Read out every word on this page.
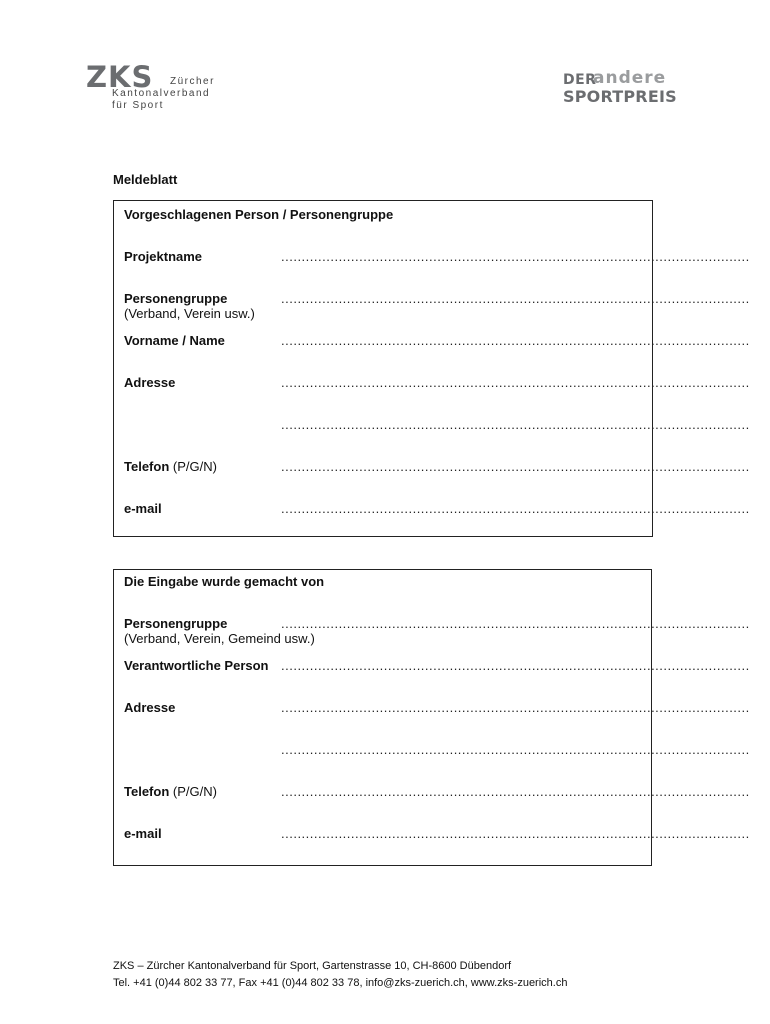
ZKS Zürcher
Kantonalverband
für Sport
DER
andere
SPORTPREIS
Meldeblatt
Vorgeschlagenen Person / Personengruppe
Projektname	..................................................................................................................
Personengruppe
(Verband, Verein usw.)
..................................................................................................................
Vorname / Name	..................................................................................................................
Adresse	..................................................................................................................
..................................................................................................................
Telefon (P/G/N)	..................................................................................................................
e-mail	..................................................................................................................
Die Eingabe wurde gemacht von
Personengruppe
(Verband, Verein, Gemeind usw.)
..................................................................................................................
Verantwortliche Person ..................................................................................................................
Adresse	..................................................................................................................
..................................................................................................................
Telefon (P/G/N)	..................................................................................................................
e-mail	..................................................................................................................
ZKS – Zürcher Kantonalverband für Sport, Gartenstrasse 10, CH-8600 Dübendorf
Tel. +41 (0)44 802 33 77, Fax +41 (0)44 802 33 78, info@zks-zuerich.ch, www.zks-zuerich.ch
